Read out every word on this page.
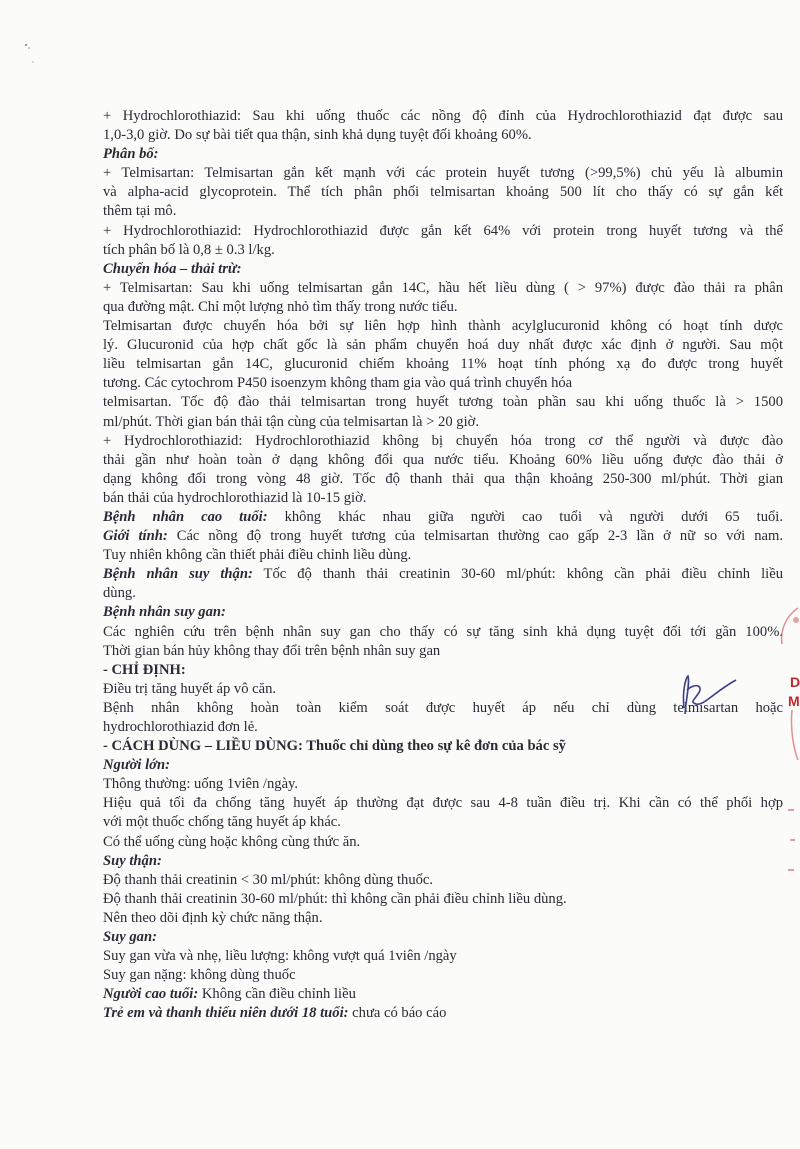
+ Hydrochlorothiazid: Sau khi uống thuốc các nồng độ đỉnh của Hydrochlorothiazid đạt được sau

1,0-3,0 giờ. Do sự bài tiết qua thận, sinh khả dụng tuyệt đối khoảng 60%.

Phân bố:

+ Telmisartan: Telmisartan gắn kết mạnh với các protein huyết tương (>99,5%) chủ yếu là albumin

và alpha-acid glycoprotein. Thể tích phân phối telmisartan khoảng 500 lít cho thấy có sự gắn kết

thêm tại mô.

+ Hydrochlorothiazid: Hydrochlorothiazid được gắn kết 64% với protein trong huyết tương và thể

tích phân bố là 0,8 ± 0.3 l/kg.

Chuyển hóa – thải trừ:

+ Telmisartan: Sau khi uống telmisartan gắn 14C, hầu hết liều dùng ( > 97%) được đào thải ra phân

qua đường mật. Chỉ một lượng nhỏ tìm thấy trong nước tiểu.

Telmisartan được chuyển hóa bởi sự liên hợp hình thành acylglucuronid không có hoạt tính dược

lý. Glucuronid của hợp chất gốc là sản phẩm chuyển hoá duy nhất được xác định ở người. Sau một

liều telmisartan gắn 14C, glucuronid chiếm khoảng 11% hoạt tính phóng xạ đo được trong huyết

tương. Các cytochrom P450 isoenzym không tham gia vào quá trình chuyển hóa

telmisartan. Tốc độ đào thải telmisartan trong huyết tương toàn phần sau khi uống thuốc là > 1500

ml/phút. Thời gian bán thải tận cùng của telmisartan là > 20 giờ.

+ Hydrochlorothiazid: Hydrochlorothiazid không bị chuyển hóa trong cơ thể người và được đào

thải gần như hoàn toàn ở dạng không đổi qua nước tiểu. Khoảng 60% liều uống được đào thải ở

dạng không đổi trong vòng 48 giờ. Tốc độ thanh thải qua thận khoảng 250-300 ml/phút. Thời gian

bán thải của hydrochlorothiazid là 10-15 giờ.

Bệnh nhân cao tuổi: không khác nhau giữa người cao tuổi và người dưới 65 tuổi.

Giới tính: Các nồng độ trong huyết tương của telmisartan thường cao gấp 2-3 lần ở nữ so với nam.

Tuy nhiên không cần thiết phải điều chỉnh liều dùng.

Bệnh nhân suy thận: Tốc độ thanh thải creatinin 30-60 ml/phút: không cần phải điều chỉnh liều

dùng.

Bệnh nhân suy gan:

Các nghiên cứu trên bệnh nhân suy gan cho thấy có sự tăng sinh khả dụng tuyệt đối tới gần 100%.

Thời gian bán hủy không thay đổi trên bệnh nhân suy gan

- CHỈ ĐỊNH:

Điều trị tăng huyết áp vô căn.

Bệnh nhân không hoàn toàn kiểm soát được huyết áp nếu chỉ dùng telmisartan hoặc

hydrochlorothiazid đơn lẻ.

- CÁCH DÙNG – LIỀU DÙNG: Thuốc chỉ dùng theo sự kê đơn của bác sỹ

Người lớn:

Thông thường: uống 1viên /ngày.

Hiệu quả tối đa chống tăng huyết áp thường đạt được sau 4-8 tuần điều trị. Khi cần có thể phối hợp

với một thuốc chống tăng huyết áp khác.

Có thể uống cùng hoặc không cùng thức ăn.

Suy thận:

Độ thanh thải creatinin < 30 ml/phút: không dùng thuốc.

Độ thanh thải creatinin 30-60 ml/phút: thì không cần phải điều chỉnh liều dùng.

Nên theo dõi định kỳ chức năng thận.

Suy gan:

Suy gan vừa và nhẹ, liều lượng: không vượt quá 1viên /ngày

Suy gan nặng: không dùng thuốc

Người cao tuổi: Không cần điều chỉnh liều

Trẻ em và thanh thiếu niên dưới 18 tuổi: chưa có báo cáo

D
M
